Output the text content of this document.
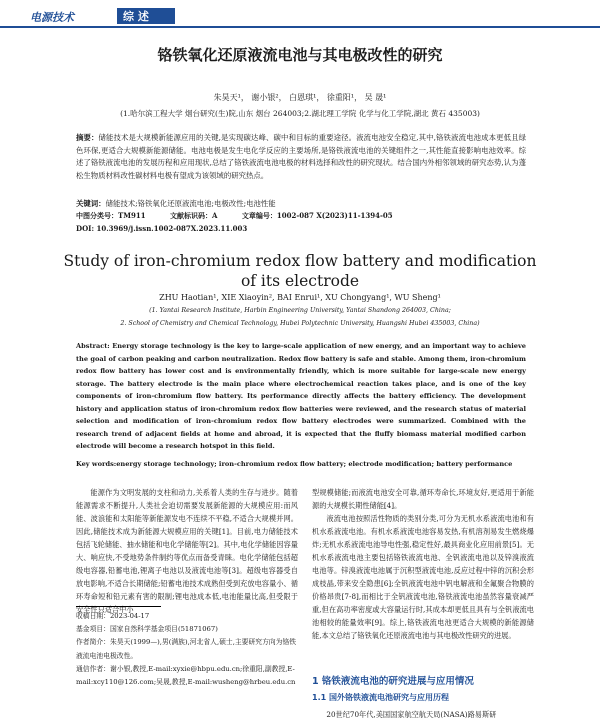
电源技术	综 述
铬铁氧化还原液流电池与其电极改性的研究
朱昊天¹， 谢小银²， 白恩琪¹， 徐重阳¹， 吴 晟¹
(1.哈尔滨工程大学 烟台研究(生)院,山东 烟台 264003;2.湖北理工学院 化学与化工学院,湖北 黄石 435003)
摘要：储能技术是大规模新能源应用的关键,是实现碳达峰、碳中和目标的重要途径。液流电池安全稳定,其中,铬铁液流电池成本更低且绿色环保,更适合大规模新能源储能。电池电极是发生电化学反应的主要场所,是铬铁液流电池的关键组件之一,其性能直接影响电池效率。综述了铬铁液流电池的发展历程和应用现状,总结了铬铁液流电池电极的材料选择和改性的研究现状。结合国内外相邻领域的研究态势,认为蓬松生物质材料改性碳材料电极有望成为该领域的研究热点。
关键词：储能技术;铬铁氧化还原液流电池;电极改性;电池性能
中图分类号：TM911	文献标识码：A	文章编号：1002-087 X(2023)11-1394-05
DOI: 10.3969/j.issn.1002-087X.2023.11.003
Study of iron-chromium redox flow battery and modification of its electrode
ZHU Haotian¹, XIE Xiaoyin², BAI Enrui¹, XU Chongyang¹, WU Sheng¹
(1. Yantai Research Institute, Harbin Engineering University, Yantai Shandong 264003, China;
2. School of Chemistry and Chemical Technology, Hubei Polytechnic University, Huangshi Hubei 435003, China)
Abstract: Energy storage technology is the key to large-scale application of new energy, and an important way to achieve the goal of carbon peaking and carbon neutralization. Redox flow battery is safe and stable. Among them, iron-chromium redox flow battery has lower cost and is environmentally friendly, which is more suitable for large-scale new energy storage. The battery electrode is the main place where electrochemical reaction takes place, and is one of the key components of iron-chromium flow battery. Its performance directly affects the battery efficiency. The development history and application status of iron-chromium redox flow batteries were reviewed, and the research status of material selection and modification of iron-chromium redox flow battery electrodes were summarized. Combined with the research trend of adjacent fields at home and abroad, it is expected that the fluffy biomass material modified carbon electrode will become a research hotspot in this field.
Key words:energy storage technology; iron-chromium redox flow battery; electrode modification; battery performance
能源作为文明发展的支柱和动力,关系着人类的生存与进步。随着能源需求不断提升,人类社会迫切需要发展新能源的大规模应用:而风能、波浪能和太阳能等新能源发电不连续不平稳,不适合大规模并网。因此,储能技术成为新能源大规模应用的关键[1]。目前,电力储能技术包括飞轮储能、抽水储能和电化学储能等[2]。其中,电化学储能因容量大、响应快,不受地势条件制约等优点而备受青睐。电化学储能包括超级电容器,铅蓄电池,锂离子电池以及液流电池等[3]。超级电容器受自放电影响,不适合长期储能;铅蓄电池技术成熟但受到充放电容量小、循环寿命短和铅元素有害的限制;锂电池成本低,电池能量比高,但受限于安全性只适合中小

收稿日期：2023-04-17

基金项目：国家自然科学基金项目(51871067)

作者简介：朱昊天(1999—),男(满族),河北省人,硕士,主要研究方向为铬铁液流电池电极改性。

通信作者：谢小银,教授,E-mail:xyxie@hbpu.edu.cn;徐重阳,副教授,E-mail:xcy110@126.com;吴晟,教授,E-mail:wusheng@hrbeu.edu.cn

型规模储能;而液流电池安全可靠,循环寿命长,环境友好,更适用于新能源的大规模长期性储能[4]。
液流电池按照活性物质的类别分类,可分为无机水系液流电池和有机水系液流电池。有机水系液流电池容易发热,有机溶剂易发生燃烧爆炸;无机水系液流电池导电性强,稳定性好,最具商业化应用前景[5]。无机水系液流电池主要包括铬铁液流电池、全钒液流电池以及锌溴液流电池等。锌溴液流电池属于沉积型液流电池,反应过程中锌的沉积会形成枝晶,带来安全隐患[6];全钒液流电池中钒电解液和全氟聚合物膜的价格昂贵[7-8],而相比于全钒液流电池,铬铁液流电池虽然容量衰减严重,但在高功率密度或大容量运行时,其成本却更低且具有与全钒液流电池相较的能量效率[9]。综上,铬铁液流电池更适合大规模的新能源储能,本文总结了铬铁氧化还原液流电池与其电极改性研究的进展。
1 铬铁液流电池的研究进展与应用情况
1.1 国外铬铁液流电池研究与应用历程
20世纪70年代,美国国家航空航天局(NASA)路易斯研
